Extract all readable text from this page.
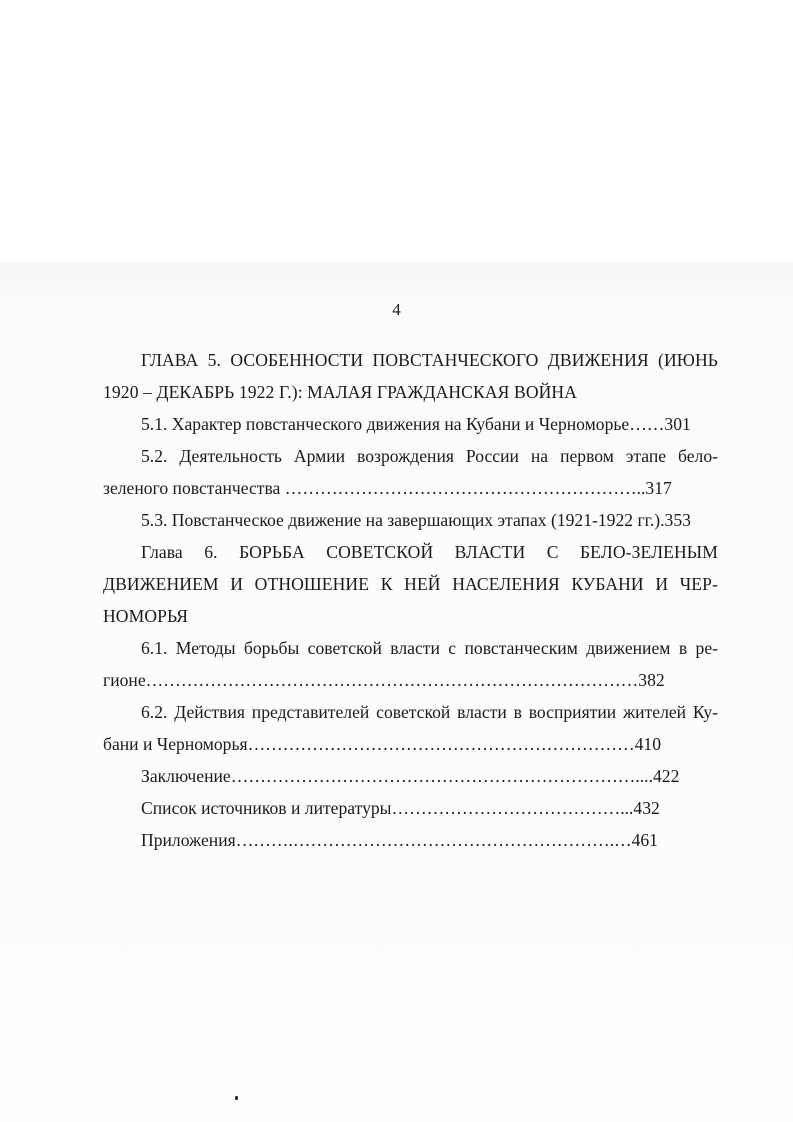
4
ГЛАВА 5. ОСОБЕННОСТИ ПОВСТАНЧЕСКОГО ДВИЖЕНИЯ (ИЮНЬ
1920 – ДЕКАБРЬ 1922 Г.): МАЛАЯ ГРАЖДАНСКАЯ ВОЙНА
5.1. Характер повстанческого движения на Кубани и Черноморье……301
5.2. Деятельность Армии возрождения России на первом этапе бело-
зеленого повстанчества ……………………………………………………..317
5.3. Повстанческое движение на завершающих этапах (1921-1922 гг.).353
Глава 6. БОРЬБА СОВЕТСКОЙ ВЛАСТИ С БЕЛО-ЗЕЛЕНЫМ
ДВИЖЕНИЕМ И ОТНОШЕНИЕ К НЕЙ НАСЕЛЕНИЯ КУБАНИ И ЧЕР-
НОМОРЬЯ
6.1. Методы борьбы советской власти с повстанческим движением в ре-
гионе…………………………………………………………………………382
6.2. Действия представителей советской власти в восприятии жителей Ку-
бани и Черноморья…………………………………………………………410
Заключение……………………………………………………………....422
Список источников и литературы…………………………………...432
Приложения……….……………………………………………….…461
